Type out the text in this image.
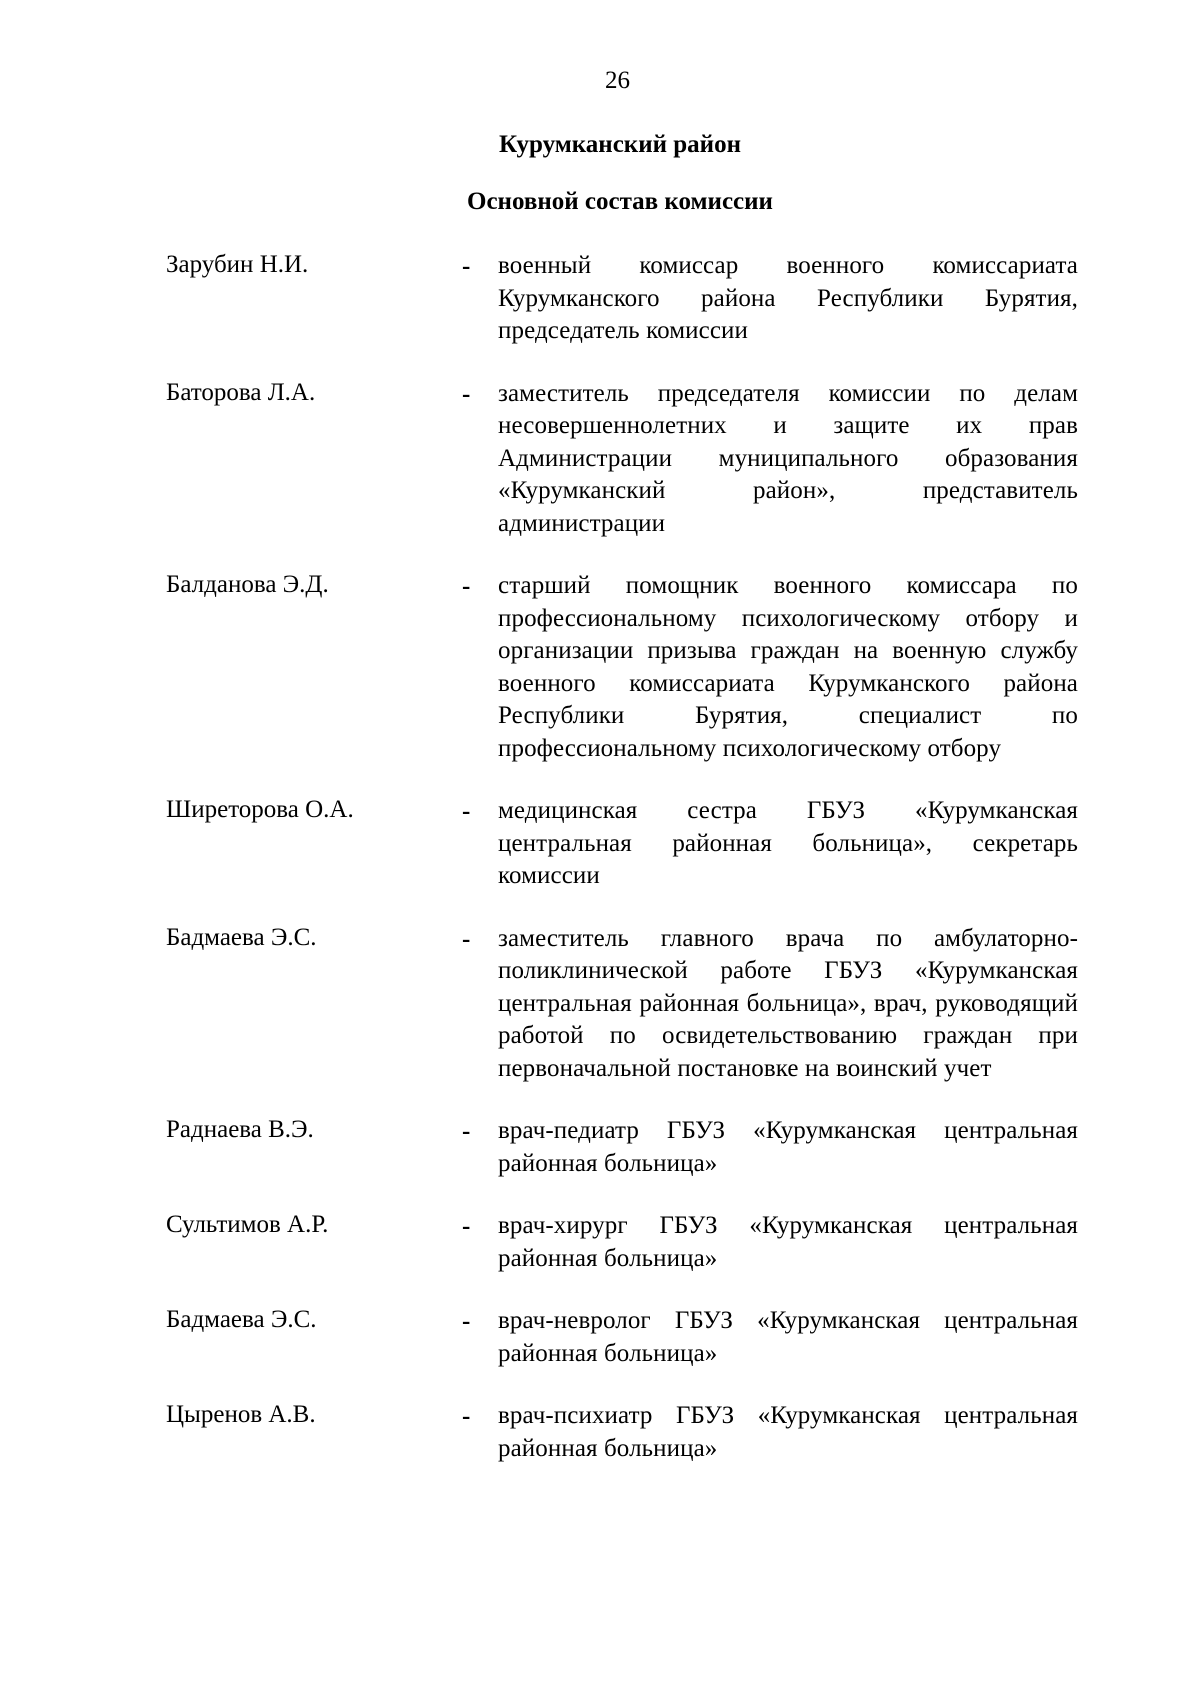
26
Курумканский район
Основной состав комиссии
Зарубин Н.И.	-	военный комиссар военного комиссариата Курумканского района Республики Бурятия, председатель комиссии
Баторова Л.А.	-	заместитель председателя комиссии по делам несовершеннолетних и защите их прав Администрации муниципального образования «Курумканский район», представитель администрации
Балданова Э.Д.	-	старший помощник военного комиссара по профессиональному психологическому отбору и организации призыва граждан на военную службу военного комиссариата Курумканского района Республики Бурятия, специалист по профессиональному психологическому отбору
Ширеторова О.А.	-	медицинская сестра ГБУЗ «Курумканская центральная районная больница», секретарь комиссии
Бадмаева Э.С.	-	заместитель главного врача по амбулаторно-поликлинической работе ГБУЗ «Курумканская центральная районная больница», врач, руководящий работой по освидетельствованию граждан при первоначальной постановке на воинский учет
Раднаева В.Э.	-	врач-педиатр ГБУЗ «Курумканская центральная районная больница»
Сультимов А.Р.	-	врач-хирург ГБУЗ «Курумканская центральная районная больница»
Бадмаева Э.С.	-	врач-невролог ГБУЗ «Курумканская центральная районная больница»
Цыренов А.В.	-	врач-психиатр ГБУЗ «Курумканская центральная районная больница»
